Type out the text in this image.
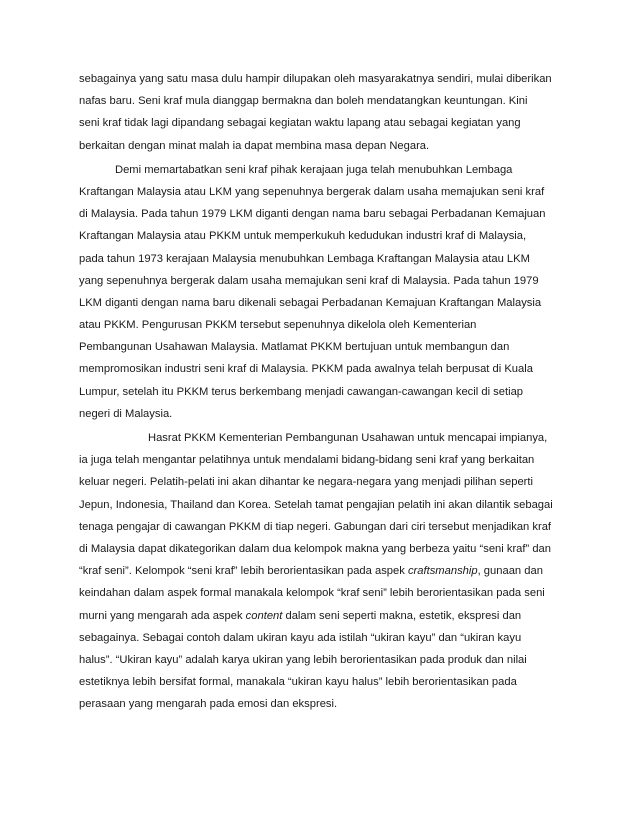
sebagainya yang satu masa dulu hampir dilupakan oleh masyarakatnya sendiri, mulai diberikan
nafas baru. Seni kraf mula dianggap bermakna dan boleh mendatangkan keuntungan. Kini
seni kraf tidak lagi dipandang sebagai kegiatan waktu lapang atau sebagai kegiatan yang
berkaitan dengan minat malah ia dapat membina masa depan Negara.
Demi memartabatkan seni kraf pihak kerajaan juga telah menubuhkan Lembaga
Kraftangan Malaysia atau LKM yang sepenuhnya bergerak dalam usaha memajukan seni kraf
di Malaysia. Pada tahun 1979 LKM diganti dengan nama baru sebagai Perbadanan Kemajuan
Kraftangan Malaysia atau PKKM untuk memperkukuh kedudukan industri kraf di Malaysia,
pada tahun 1973 kerajaan Malaysia menubuhkan Lembaga Kraftangan Malaysia atau LKM
yang sepenuhnya bergerak dalam usaha memajukan seni kraf di Malaysia. Pada tahun 1979
LKM diganti dengan nama baru dikenali sebagai Perbadanan Kemajuan Kraftangan Malaysia
atau PKKM. Pengurusan PKKM tersebut sepenuhnya dikelola oleh Kementerian
Pembangunan Usahawan Malaysia. Matlamat PKKM bertujuan untuk membangun dan
mempromosikan industri seni kraf di Malaysia. PKKM pada awalnya telah berpusat di Kuala
Lumpur, setelah itu PKKM terus berkembang menjadi cawangan-cawangan kecil di setiap
negeri di Malaysia.
Hasrat PKKM Kementerian Pembangunan Usahawan untuk mencapai impianya,
ia juga telah mengantar pelatihnya untuk mendalami bidang-bidang seni kraf yang berkaitan
keluar negeri. Pelatih-pelati ini akan dihantar ke negara-negara yang menjadi pilihan seperti
Jepun, Indonesia, Thailand dan Korea. Setelah tamat pengajian pelatih ini akan dilantik sebagai
tenaga pengajar di cawangan PKKM di tiap negeri. Gabungan dari ciri tersebut menjadikan kraf
di Malaysia dapat dikategorikan dalam dua kelompok makna yang berbeza yaitu “seni kraf” dan
“kraf seni”. Kelompok “seni kraf” lebih berorientasikan pada aspek craftsmanship, gunaan dan
keindahan dalam aspek formal manakala kelompok “kraf seni” lebih berorientasikan pada seni
murni yang mengarah ada aspek content dalam seni seperti makna, estetik, ekspresi dan
sebagainya. Sebagai contoh dalam ukiran kayu ada istilah “ukiran kayu” dan “ukiran kayu
halus”. “Ukiran kayu” adalah karya ukiran yang lebih berorientasikan pada produk dan nilai
estetiknya lebih bersifat formal, manakala “ukiran kayu halus” lebih berorientasikan pada
perasaan yang mengarah pada emosi dan ekspresi.
